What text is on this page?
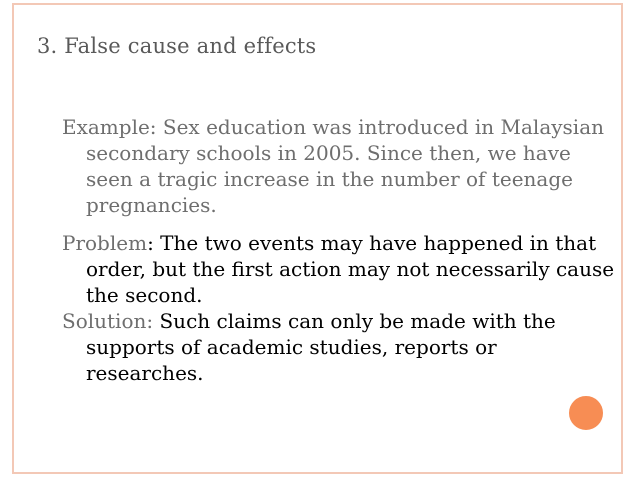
3. False cause and effects

Example: Sex education was introduced in Malaysian secondary schools in 2005. Since then, we have seen a tragic increase in the number of teenage pregnancies.

Problem: The two events may have happened in that order, but the first action may not necessarily cause the second.

Solution: Such claims can only be made with the supports of academic studies, reports or researches.
